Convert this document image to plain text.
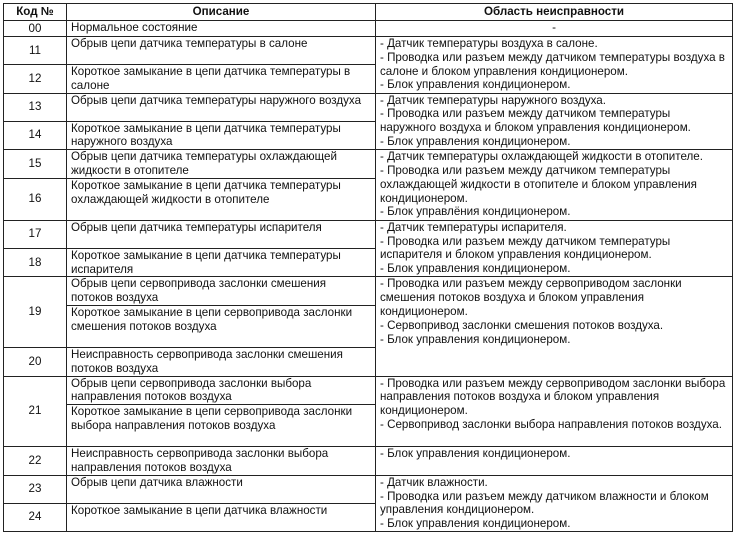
Код №	Описание	Область неисправности
00	Нормальное состояние	-
11	Обрыв цепи датчика температуры в салоне	- Датчик температуры воздуха в салоне.
- Проводка или разъем между датчиком температуры воздуха в салоне и блоком управления кондиционером.
- Блок управления кондиционером.
12	Короткое замыкание в цепи датчика температуры в салоне	
13	Обрыв цепи датчика температуры наружного воздуха	- Датчик температуры наружного воздуха.
- Проводка или разъем между датчиком температуры наружного воздуха и блоком управления кондиционером.
- Блок управления кондиционером.
14	Короткое замыкание в цепи датчика температуры наружного воздуха	
15	Обрыв цепи датчика температуры охлаждающей жидкости в отопителе	- Датчик температуры охлаждающей жидкости в отопителе.
- Проводка или разъем между датчиком температуры охлаждающей жидкости в отопителе и блоком управления кондиционером.
- Блок управлёния кондиционером.
16	Короткое замыкание в цепи датчика температуры охлаждающей жидкости в отопителе	
17	Обрыв цепи датчика температуры испарителя	- Датчик температуры испарителя.
- Проводка или разъем между датчиком температуры испарителя и блоком управления кондиционером.
- Блок управления кондиционером.
18	Короткое замыкание в цепи датчика температуры испарителя	
19	Обрыв цепи сервопривода заслонки смешения потоков воздуха	- Проводка или разъем между сервоприводом заслонки смешения потоков воздуха и блоком управления кондиционером.
- Сервопривод заслонки смешения потоков воздуха.
- Блок управления кондиционером.
	Короткое замыкание в цепи сервопривода заслонки смешения потоков воздуха	
20	Неисправность сервопривода заслонки смешения потоков воздуха	
21	Обрыв цепи сервопривода заслонки выбора направления потоков воздуха	- Проводка или разъем между сервоприводом заслонки выбора направления потоков воздуха и блоком управления кондиционером.
- Сервопривод заслонки выбора направления потоков воздуха.
	Короткое замыкание в цепи сервопривода заслонки выбора направления потоков воздуха	
22	Неисправность сервопривода заслонки выбора направления потоков воздуха	- Блок управления кондиционером.
23	Обрыв цепи датчика влажности	- Датчик влажности.
- Проводка или разъем между датчиком влажности и блоком управления кондиционером.
- Блок управления кондиционером.
24	Короткое замыкание в цепи датчика влажности	
